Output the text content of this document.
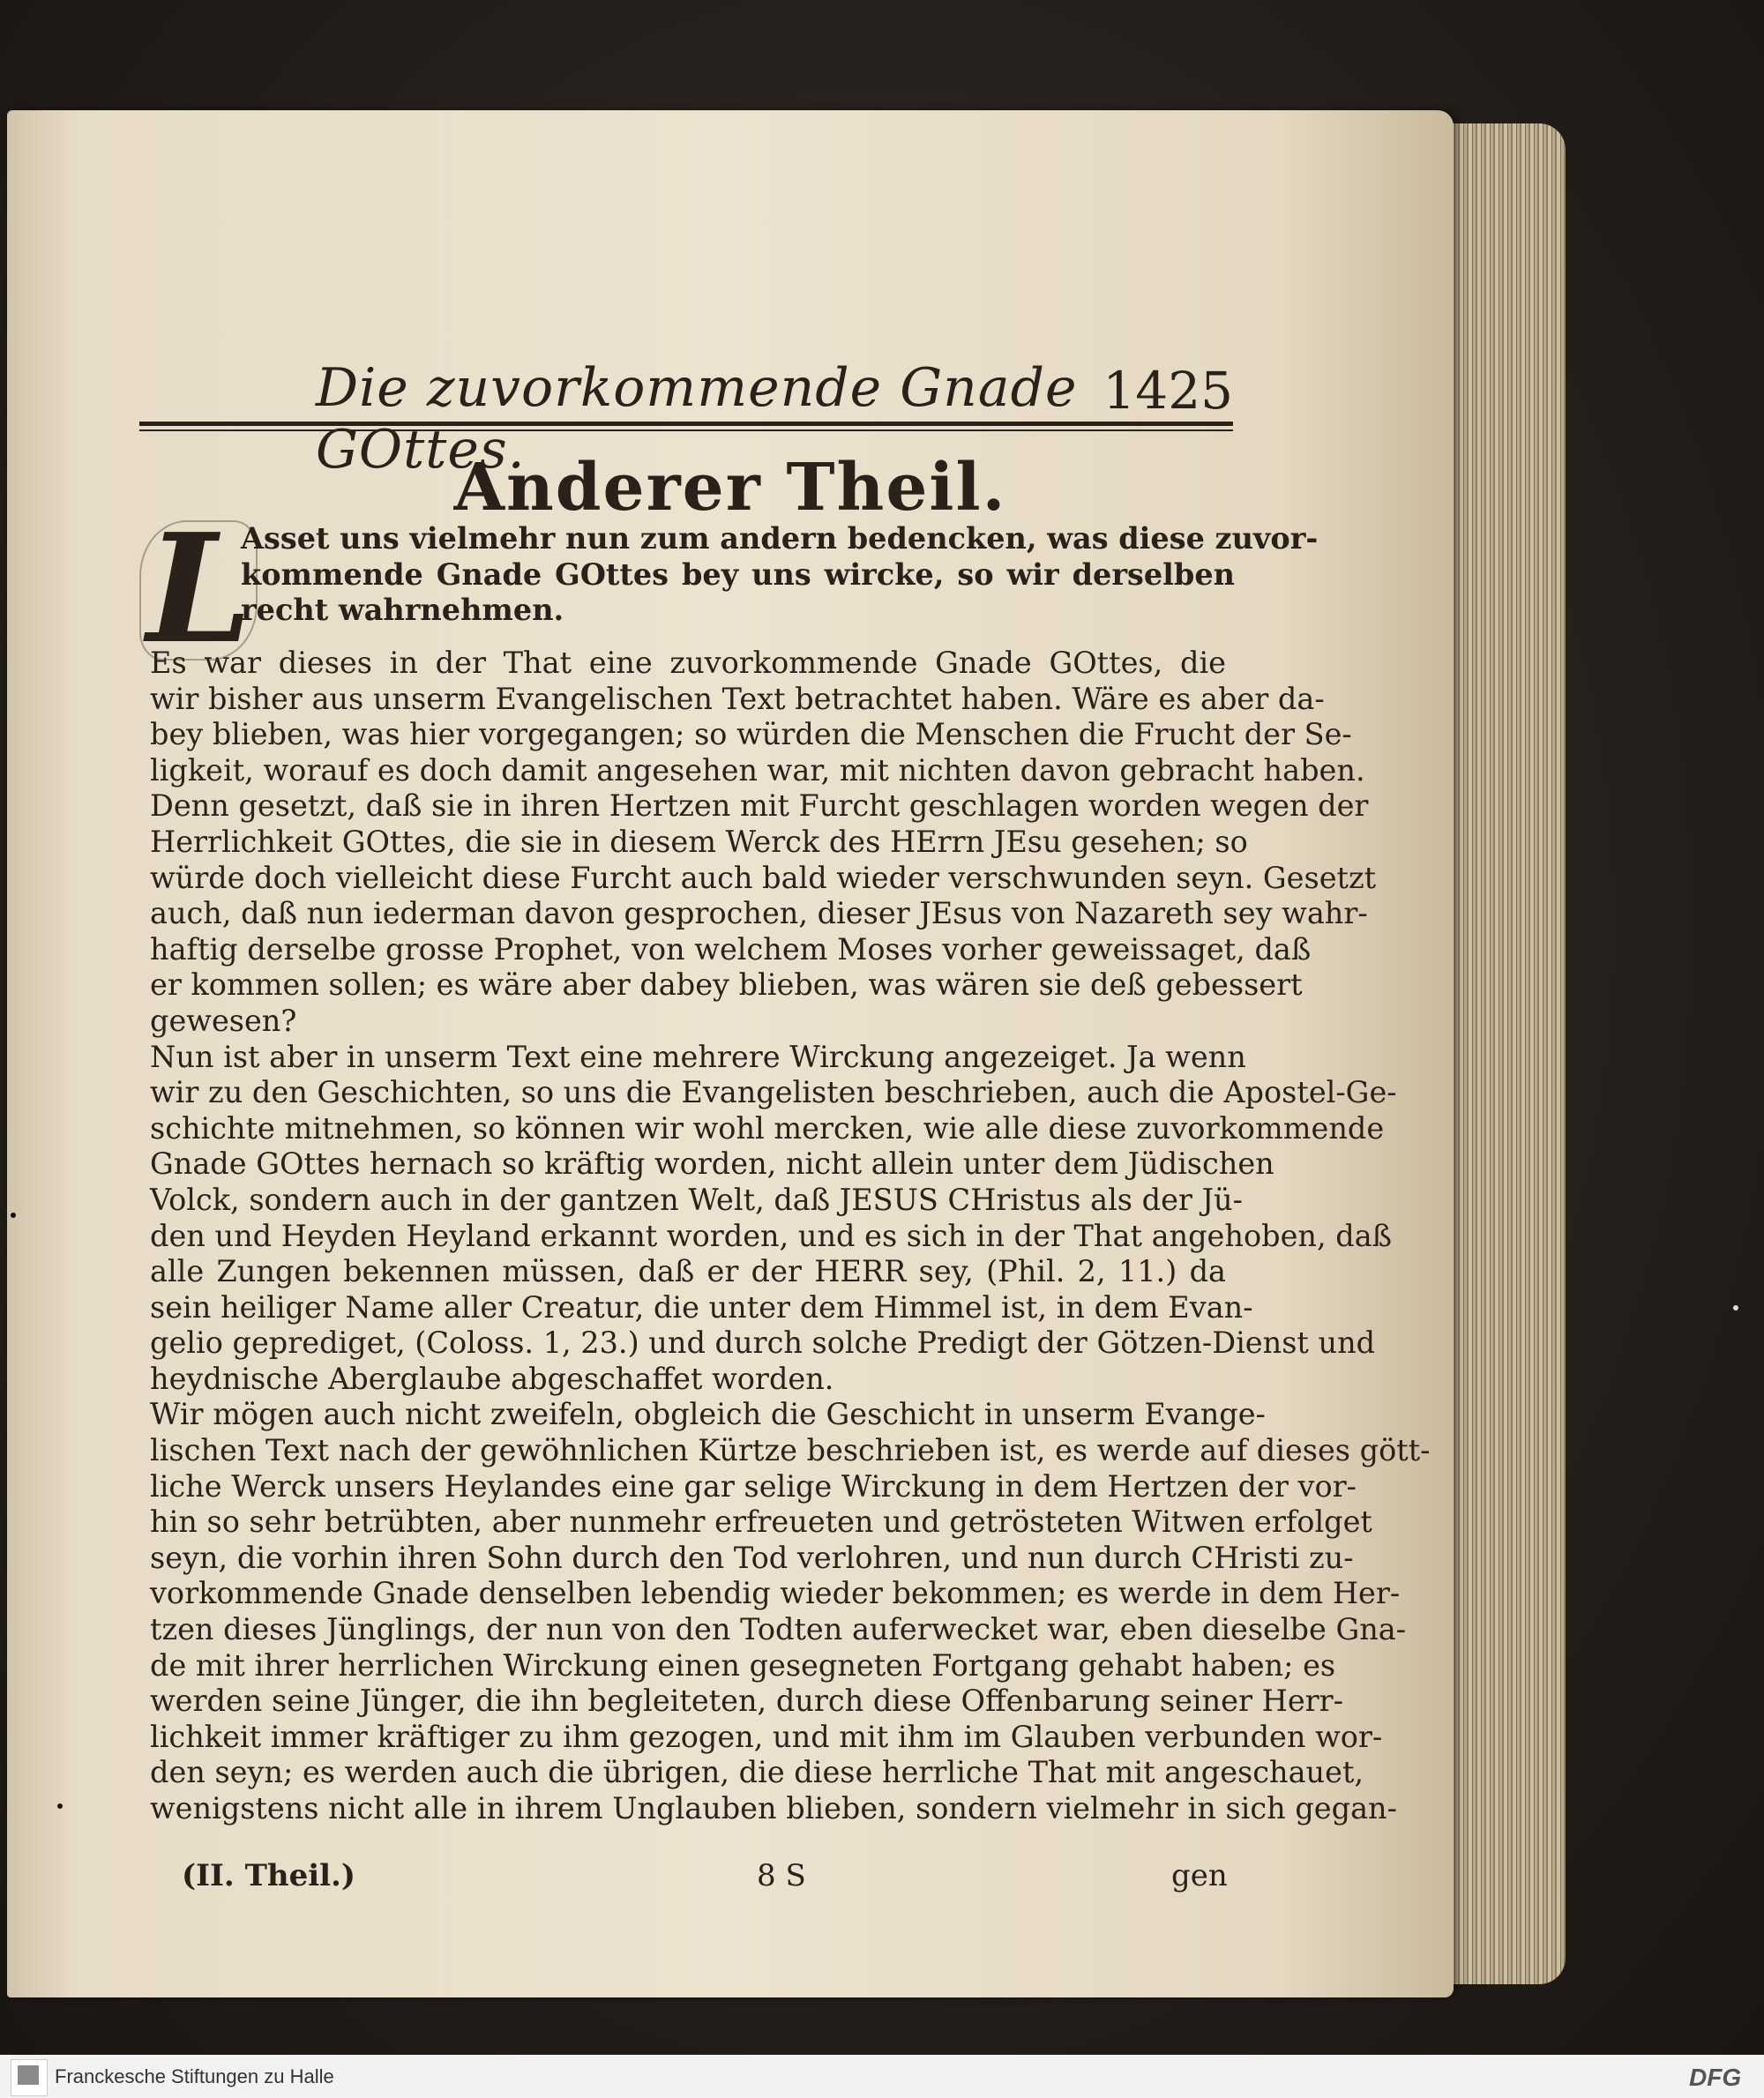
Die zuvorkommende Gnade GOttes.
1425
Anderer Theil.
L
Asset uns vielmehr nun zum andern bedencken, was diese zuvor-
kommende Gnade GOttes bey uns wircke, so wir derselben
recht wahrnehmen.
Es war dieses in der That eine zuvorkommende Gnade GOttes, die
wir bisher aus unserm Evangelischen Text betrachtet haben. Wäre es aber da-
bey blieben, was hier vorgegangen; so würden die Menschen die Frucht der Se-
ligkeit, worauf es doch damit angesehen war, mit nichten davon gebracht haben.
Denn gesetzt, daß sie in ihren Hertzen mit Furcht geschlagen worden wegen der
Herrlichkeit GOttes, die sie in diesem Werck des HErrn JEsu gesehen; so
würde doch vielleicht diese Furcht auch bald wieder verschwunden seyn. Gesetzt
auch, daß nun iederman davon gesprochen, dieser JEsus von Nazareth sey wahr-
haftig derselbe grosse Prophet, von welchem Moses vorher geweissaget, daß
er kommen sollen; es wäre aber dabey blieben, was wären sie deß gebessert
gewesen?
Nun ist aber in unserm Text eine mehrere Wirckung angezeiget. Ja wenn
wir zu den Geschichten, so uns die Evangelisten beschrieben, auch die Apostel-Ge-
schichte mitnehmen, so können wir wohl mercken, wie alle diese zuvorkommende
Gnade GOttes hernach so kräftig worden, nicht allein unter dem Jüdischen
Volck, sondern auch in der gantzen Welt, daß JESUS CHristus als der Jü-
den und Heyden Heyland erkannt worden, und es sich in der That angehoben, daß
alle Zungen bekennen müssen, daß er der HERR sey, (Phil. 2, 11.) da
sein heiliger Name aller Creatur, die unter dem Himmel ist, in dem Evan-
gelio geprediget, (Coloss. 1, 23.) und durch solche Predigt der Götzen-Dienst und
heydnische Aberglaube abgeschaffet worden.
Wir mögen auch nicht zweifeln, obgleich die Geschicht in unserm Evange-
lischen Text nach der gewöhnlichen Kürtze beschrieben ist, es werde auf dieses gött-
liche Werck unsers Heylandes eine gar selige Wirckung in dem Hertzen der vor-
hin so sehr betrübten, aber nunmehr erfreueten und getrösteten Witwen erfolget
seyn, die vorhin ihren Sohn durch den Tod verlohren, und nun durch CHristi zu-
vorkommende Gnade denselben lebendig wieder bekommen; es werde in dem Her-
tzen dieses Jünglings, der nun von den Todten auferwecket war, eben dieselbe Gna-
de mit ihrer herrlichen Wirckung einen gesegneten Fortgang gehabt haben; es
werden seine Jünger, die ihn begleiteten, durch diese Offenbarung seiner Herr-
lichkeit immer kräftiger zu ihm gezogen, und mit ihm im Glauben verbunden wor-
den seyn; es werden auch die übrigen, die diese herrliche That mit angeschauet,
wenigstens nicht alle in ihrem Unglauben blieben, sondern vielmehr in sich gegan-
(II. Theil.)	8 S	gen
Franckesche Stiftungen zu Halle	DFG
